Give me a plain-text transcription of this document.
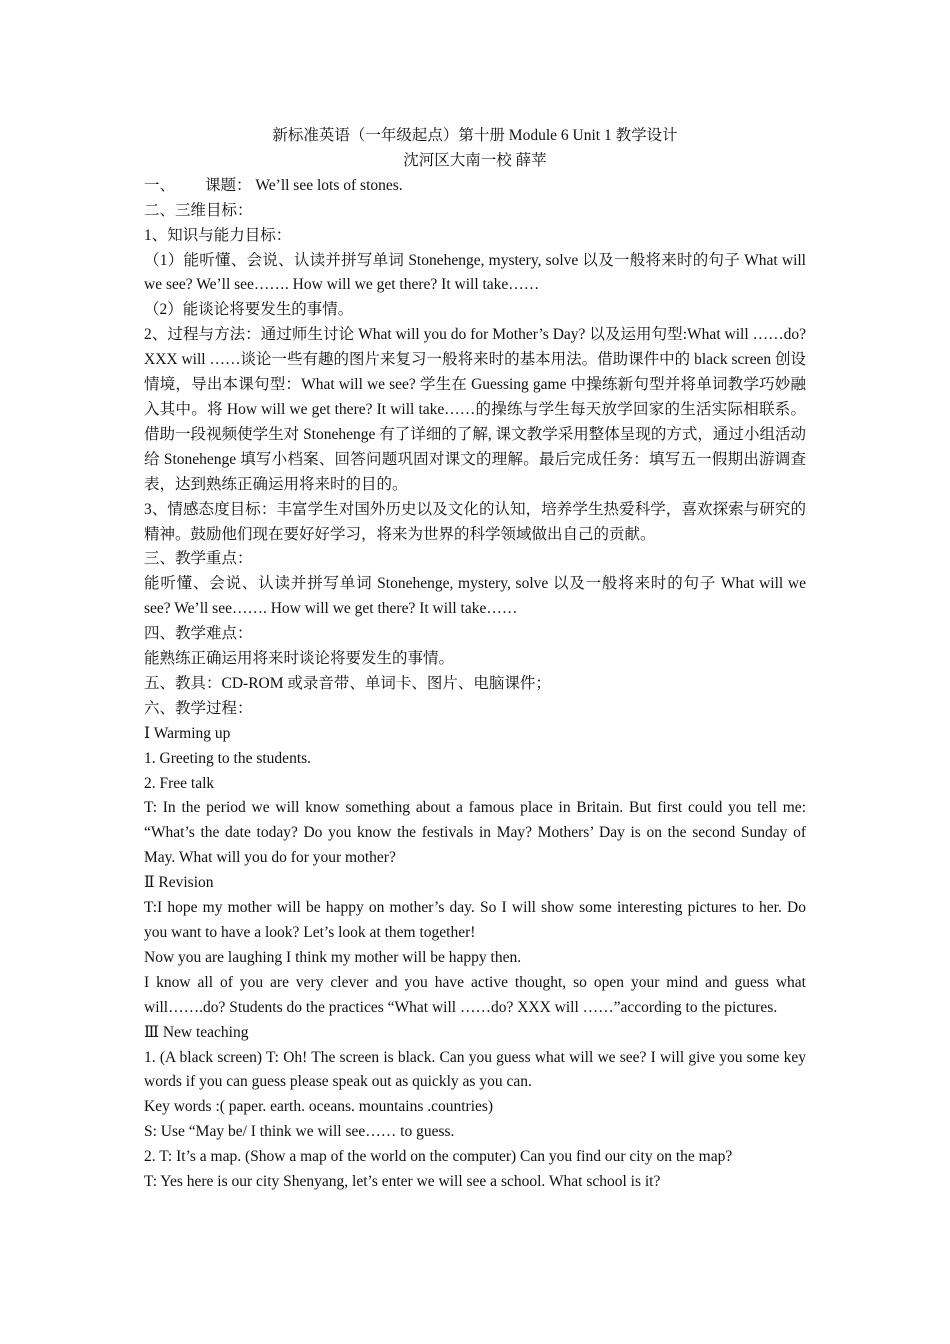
新标准英语（一年级起点）第十册 Module 6 Unit 1 教学设计
沈河区大南一校 薛苹

一、 课题： We’ll see lots of stones.

二、三维目标：

1、知识与能力目标：

（1）能听懂、会说、认读并拼写单词 Stonehenge, mystery, solve 以及一般将来时的句子 What will we see? We’ll see……. How will we get there? It will take……

（2）能谈论将要发生的事情。

2、过程与方法：通过师生讨论 What will you do for Mother’s Day? 以及运用句型:What will ……do? XXX will ……谈论一些有趣的图片来复习一般将来时的基本用法。借助课件中的 black screen 创设情境，导出本课句型：What will we see? 学生在 Guessing game 中操练新句型并将单词教学巧妙融入其中。将 How will we get there? It will take……的操练与学生每天放学回家的生活实际相联系。借助一段视频使学生对 Stonehenge 有了详细的了解, 课文教学采用整体呈现的方式，通过小组活动给 Stonehenge 填写小档案、回答问题巩固对课文的理解。最后完成任务：填写五一假期出游调查表，达到熟练正确运用将来时的目的。

3、情感态度目标：丰富学生对国外历史以及文化的认知，培养学生热爱科学，喜欢探索与研究的精神。鼓励他们现在要好好学习，将来为世界的科学领域做出自己的贡献。

三、教学重点：

能听懂、会说、认读并拼写单词 Stonehenge, mystery, solve 以及一般将来时的句子 What will we see? We’ll see……. How will we get there? It will take……

四、教学难点：

能熟练正确运用将来时谈论将要发生的事情。

五、教具：CD-ROM 或录音带、单词卡、图片、电脑课件；

六、教学过程：

Ⅰ Warming up

1. Greeting to the students.

2. Free talk

T: In the period we will know something about a famous place in Britain. But first could you tell me: “What’s the date today? Do you know the festivals in May? Mothers’ Day is on the second Sunday of May. What will you do for your mother?

Ⅱ Revision

T:I hope my mother will be happy on mother’s day. So I will show some interesting pictures to her. Do you want to have a look? Let’s look at them together!

Now you are laughing I think my mother will be happy then.

I know all of you are very clever and you have active thought, so open your mind and guess what will…….do? Students do the practices “What will ……do? XXX will ……”according to the pictures.

Ⅲ New teaching

1. (A black screen) T: Oh! The screen is black. Can you guess what will we see? I will give you some key words if you can guess please speak out as quickly as you can.

Key words :( paper. earth. oceans. mountains .countries)

S: Use “May be/ I think we will see…… to guess.

2. T: It’s a map. (Show a map of the world on the computer) Can you find our city on the map?

T: Yes here is our city Shenyang, let’s enter we will see a school. What school is it?
